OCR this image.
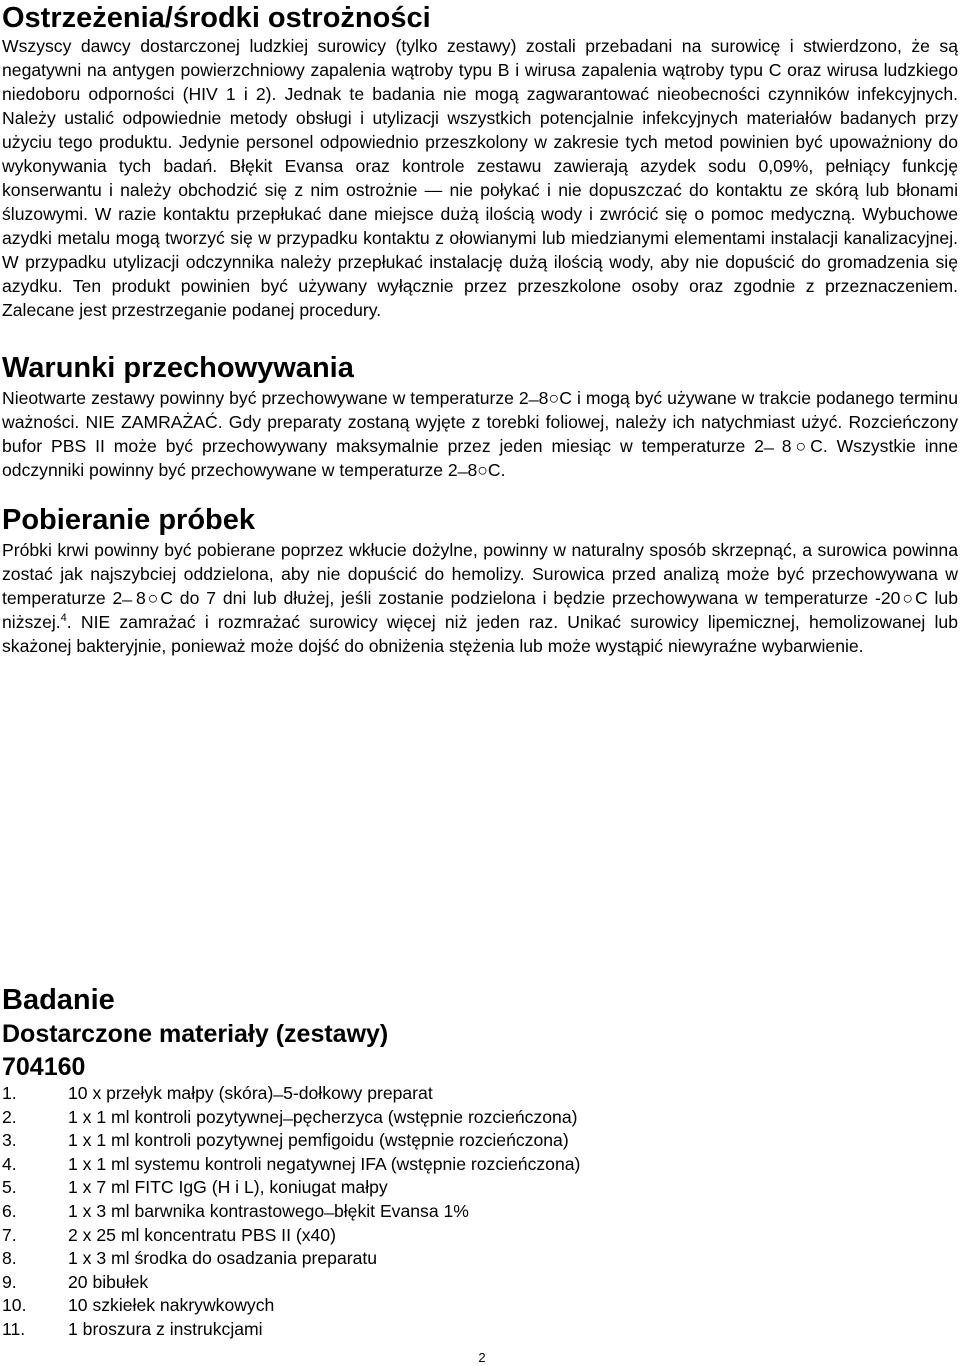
Ostrzeżenia/środki ostrożności

Wszyscy dawcy dostarczonej ludzkiej surowicy (tylko zestawy) zostali przebadani na surowicę i stwierdzono, że są negatywni na antygen powierzchniowy zapalenia wątroby typu B i wirusa zapalenia wątroby typu C oraz wirusa ludzkiego niedoboru odporności (HIV 1 i 2). Jednak te badania nie mogą zagwarantować nieobecności czynników infekcyjnych. Należy ustalić odpowiednie metody obsługi i utylizacji wszystkich potencjalnie infekcyjnych materiałów badanych przy użyciu tego produktu. Jedynie personel odpowiednio przeszkolony w zakresie tych metod powinien być upoważniony do wykonywania tych badań. Błękit Evansa oraz kontrole zestawu zawierają azydek sodu 0,09%, pełniący funkcję konserwantu i należy obchodzić się z nim ostrożnie ― nie połykać i nie dopuszczać do kontaktu ze skórą lub błonami śluzowymi. W razie kontaktu przepłukać dane miejsce dużą ilością wody i zwrócić się o pomoc medyczną. Wybuchowe azydki metalu mogą tworzyć się w przypadku kontaktu z ołowianymi lub miedzianymi elementami instalacji kanalizacyjnej. W przypadku utylizacji odczynnika należy przepłukać instalację dużą ilością wody, aby nie dopuścić do gromadzenia się azydku. Ten produkt powinien być używany wyłącznie przez przeszkolone osoby oraz zgodnie z przeznaczeniem. Zalecane jest przestrzeganie podanej procedury.

Warunki przechowywania

Nieotwarte zestawy powinny być przechowywane w temperaturze 2 ̶ 8○C i mogą być używane w trakcie podanego terminu ważności. NIE ZAMRAŻAĆ. Gdy preparaty zostaną wyjęte z torebki foliowej, należy ich natychmiast użyć. Rozcieńczony bufor PBS II może być przechowywany maksymalnie przez jeden miesiąc w temperaturze 2 ̶ 8○C. Wszystkie inne odczynniki powinny być przechowywane w temperaturze 2 ̶ 8○C.

Pobieranie próbek

Próbki krwi powinny być pobierane poprzez wkłucie dożylne, powinny w naturalny sposób skrzepnąć, a surowica powinna zostać jak najszybciej oddzielona, aby nie dopuścić do hemolizy. Surowica przed analizą może być przechowywana w temperaturze 2 ̶ 8○C do 7 dni lub dłużej, jeśli zostanie podzielona i będzie przechowywana w temperaturze -20○C lub niższej.$^4$. NIE zamrażać i rozmrażać surowicy więcej niż jeden raz. Unikać surowicy lipemicznej, hemolizowanej lub skażonej bakteryjnie, ponieważ może dojść do obniżenia stężenia lub może wystąpić niewyraźne wybarwienie.

Badanie
Dostarczone materiały (zestawy)
704160
1.	10 x przełyk małpy (skóra) ̶ 5-dołkowy preparat
2.	1 x 1 ml kontroli pozytywnej ̶ pęcherzyca (wstępnie rozcieńczona)
3.	1 x 1 ml kontroli pozytywnej pemfigoidu (wstępnie rozcieńczona)
4.	1 x 1 ml systemu kontroli negatywnej IFA (wstępnie rozcieńczona)
5.	1 x 7 ml FITC IgG (H i L), koniugat małpy
6.	1 x 3 ml barwnika kontrastowego ̶ błękit Evansa 1%
7.	2 x 25 ml koncentratu PBS II (x40)
8.	1 x 3 ml środka do osadzania preparatu
9.	20 bibułek
10.	10 szkiełek nakrywkowych
11.	1 broszura z instrukcjami
2
